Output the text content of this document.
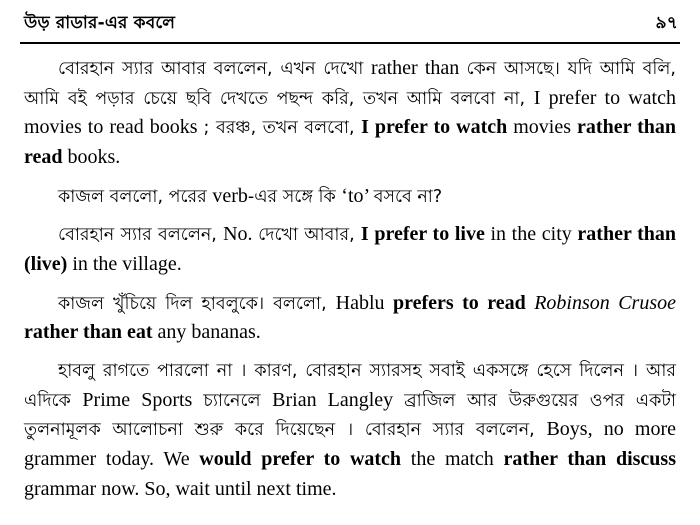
উড় রাডার-এর কবলে	৯৭

বোরহান স্যার আবার বললেন, এখন দেখো rather than কেন আসছে। যদি আমি বলি, আমি বই পড়ার চেয়ে ছবি দেখতে পছন্দ করি, তখন আমি বলবো না, I prefer to watch movies to read books ; বরঞ্চ, তখন বলবো, I prefer to watch movies rather than read books.

কাজল বললো, পরের verb-এর সঙ্গে কি ‘to’ বসবে না?

বোরহান স্যার বললেন, No. দেখো আবার, I prefer to live in the city rather than (live) in the village.

কাজল খুঁচিয়ে দিল হাবলুকে। বললো, Hablu prefers to read Robinson Crusoe rather than eat any bananas.

হাবলু রাগতে পারলো না । কারণ, বোরহান স্যারসহ সবাই একসঙ্গে হেসে দিলেন । আর এদিকে Prime Sports চ্যানেলে Brian Langley ব্রাজিল আর উরুগুয়ের ওপর একটা তুলনামূলক আলোচনা শুরু করে দিয়েছেন । বোরহান স্যার বললেন, Boys, no more grammer today. We would prefer to watch the match rather than discuss grammar now. So, wait until next time.
